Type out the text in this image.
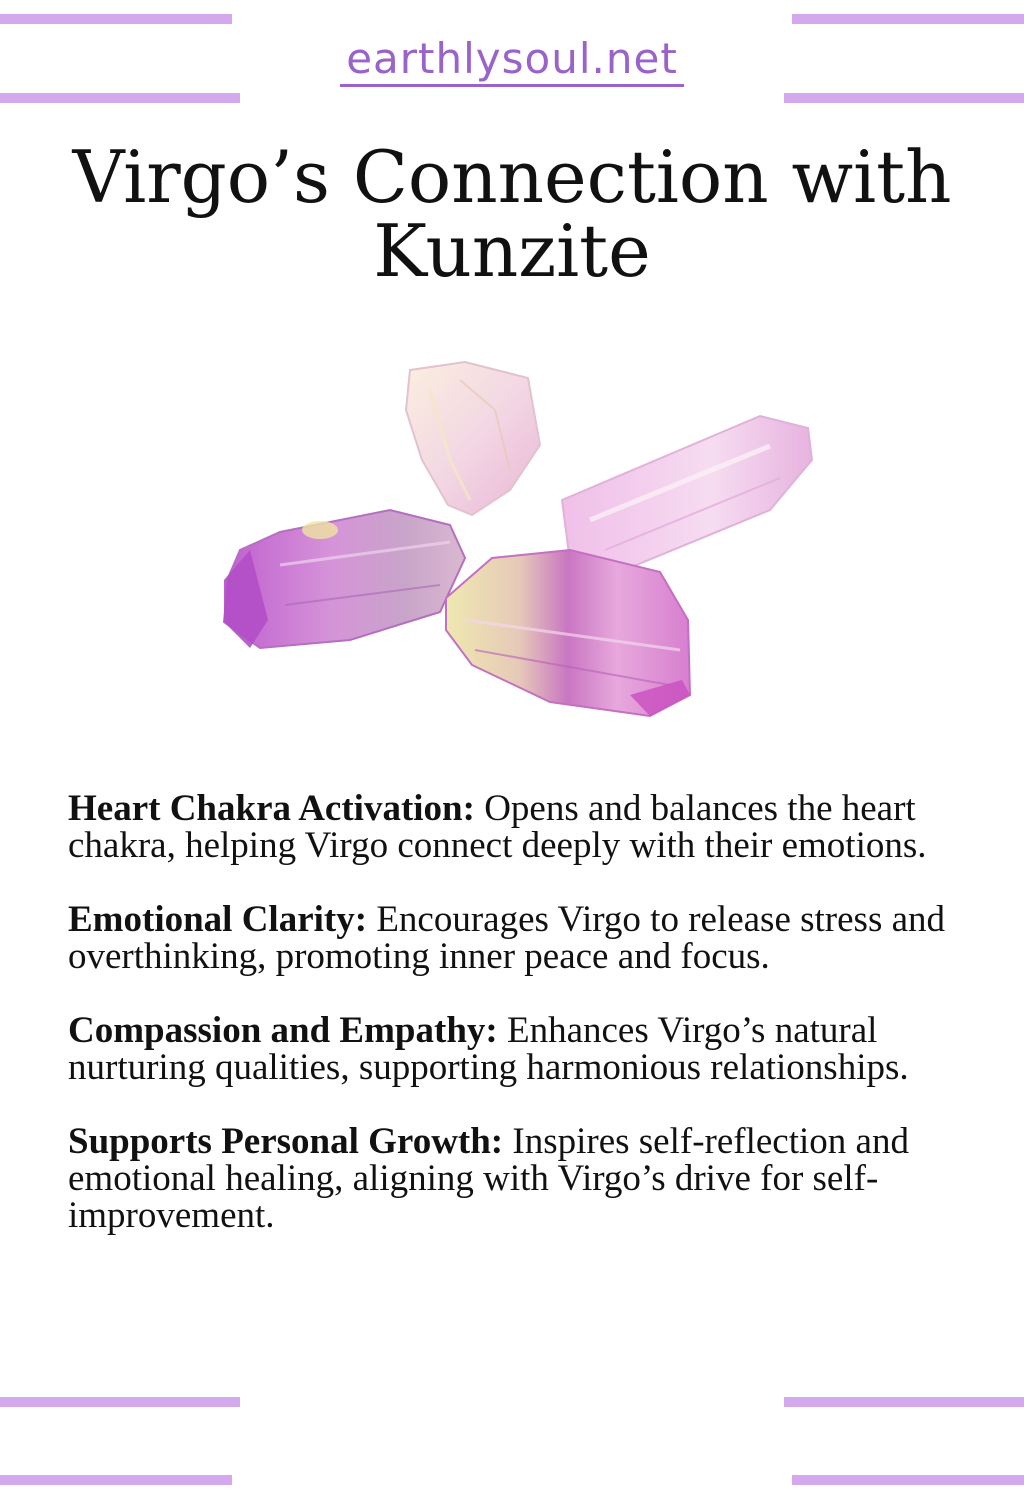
earthlysoul.net
Virgo’s Connection with
Kunzite

Heart Chakra Activation: Opens and balances the heart chakra, helping Virgo connect deeply with their emotions.

Emotional Clarity: Encourages Virgo to release stress and overthinking, promoting inner peace and focus.

Compassion and Empathy: Enhances Virgo’s natural nurturing qualities, supporting harmonious relationships.

Supports Personal Growth: Inspires self-reflection and emotional healing, aligning with Virgo’s drive for self-improvement.
